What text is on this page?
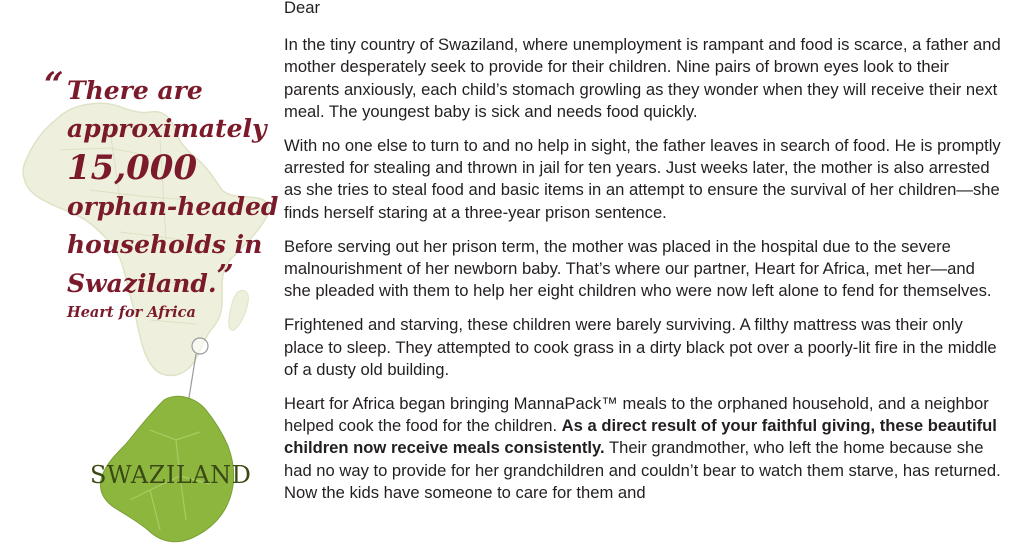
“ There are
approximately
15,000
orphan-headed
households in
Swaziland.”
Heart for Africa
SWAZILAND

Dear

In the tiny country of Swaziland, where unemployment is rampant and food is scarce, a father and mother desperately seek to provide for their children. Nine pairs of brown eyes look to their parents anxiously, each child’s stomach growling as they wonder when they will receive their next meal. The youngest baby is sick and needs food quickly.

With no one else to turn to and no help in sight, the father leaves in search of food. He is promptly arrested for stealing and thrown in jail for ten years. Just weeks later, the mother is also arrested as she tries to steal food and basic items in an attempt to ensure the survival of her children—she finds herself staring at a three-year prison sentence.

Before serving out her prison term, the mother was placed in the hospital due to the severe malnourishment of her newborn baby. That’s where our partner, Heart for Africa, met her—and she pleaded with them to help her eight children who were now left alone to fend for themselves.

Frightened and starving, these children were barely surviving. A filthy mattress was their only place to sleep. They attempted to cook grass in a dirty black pot over a poorly-lit fire in the middle of a dusty old building.

Heart for Africa began bringing MannaPack™ meals to the orphaned household, and a neighbor helped cook the food for the children. As a direct result of your faithful giving, these beautiful children now receive meals consistently. Their grandmother, who left the home because she had no way to provide for her grandchildren and couldn’t bear to watch them starve, has returned. Now the kids have someone to care for them and
